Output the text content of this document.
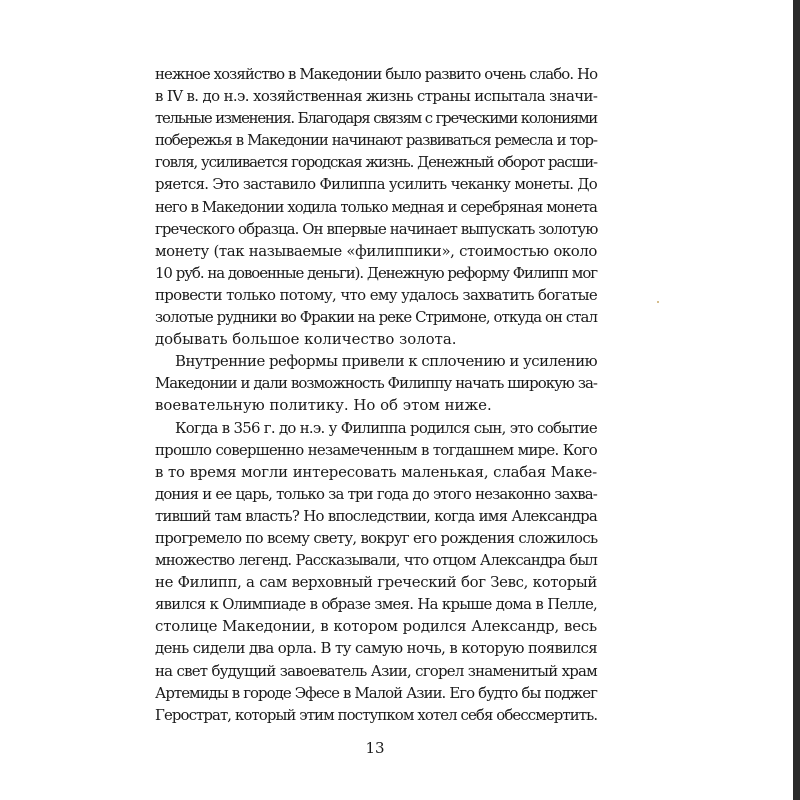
нежное хозяйство в Македонии было развито очень слабо. Но
в IV в. до н.э. хозяйственная жизнь страны испытала значи-
тельные изменения. Благодаря связям с греческими колониями
побережья в Македонии начинают развиваться ремесла и тор-
говля, усиливается городская жизнь. Денежный оборот расши-
ряется. Это заставило Филиппа усилить чеканку монеты. До
него в Македонии ходила только медная и серебряная монета
греческого образца. Он впервые начинает выпускать золотую
монету (так называемые «филиппики», стоимостью около
10 руб. на довоенные деньги). Денежную реформу Филипп мог
провести только потому, что ему удалось захватить богатые
золотые рудники во Фракии на реке Стримоне, откуда он стал
добывать большое количество золота.
Внутренние реформы привели к сплочению и усилению
Македонии и дали возможность Филиппу начать широкую за-
воевательную политику. Но об этом ниже.
Когда в 356 г. до н.э. у Филиппа родился сын, это событие
прошло совершенно незамеченным в тогдашнем мире. Кого
в то время могли интересовать маленькая, слабая Маке-
дония и ее царь, только за три года до этого незаконно захва-
тивший там власть? Но впоследствии, когда имя Александра
прогремело по всему свету, вокруг его рождения сложилось
множество легенд. Рассказывали, что отцом Александра был
не Филипп, а сам верховный греческий бог Зевс, который
явился к Олимпиаде в образе змея. На крыше дома в Пелле,
столице Македонии, в котором родился Александр, весь
день сидели два орла. В ту самую ночь, в которую появился
на свет будущий завоеватель Азии, сгорел знаменитый храм
Артемиды в городе Эфесе в Малой Азии. Его будто бы поджег
Герострат, который этим поступком хотел себя обессмертить.
13
